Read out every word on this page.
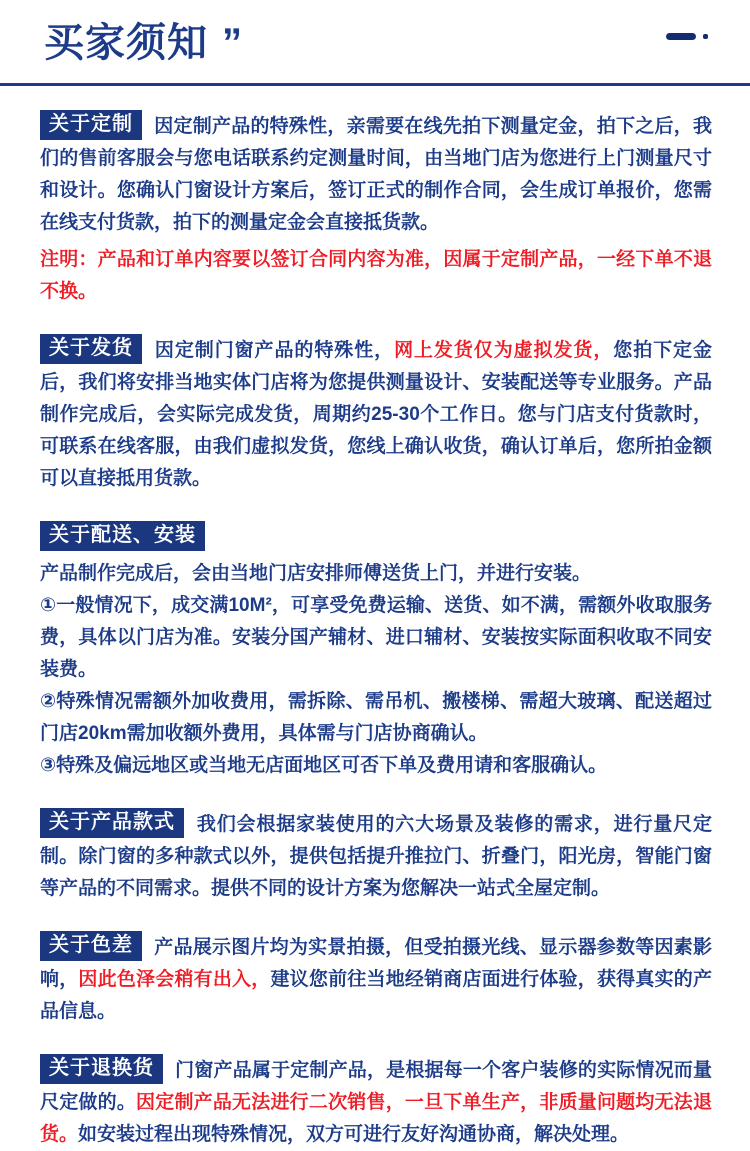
买家须知 ”

关于定制 因定制产品的特殊性，亲需要在线先拍下测量定金，拍下之后，我们的售前客服会与您电话联系约定测量时间，由当地门店为您进行上门测量尺寸和设计。您确认门窗设计方案后，签订正式的制作合同，会生成订单报价，您需在线支付货款，拍下的测量定金会直接抵货款。

注明：产品和订单内容要以签订合同内容为准，因属于定制产品，一经下单不退不换。

关于发货 因定制门窗产品的特殊性，网上发货仅为虚拟发货，您拍下定金后，我们将安排当地实体门店将为您提供测量设计、安装配送等专业服务。产品制作完成后，会实际完成发货，周期约25-30个工作日。您与门店支付货款时，可联系在线客服，由我们虚拟发货，您线上确认收货，确认订单后，您所拍金额可以直接抵用货款。

关于配送、安装

产品制作完成后，会由当地门店安排师傅送货上门，并进行安装。

①一般情况下，成交满10M²，可享受免费运输、送货、如不满，需额外收取服务费，具体以门店为准。安装分国产辅材、进口辅材、安装按实际面积收取不同安装费。

②特殊情况需额外加收费用，需拆除、需吊机、搬楼梯、需超大玻璃、配送超过门店20km需加收额外费用，具体需与门店协商确认。

③特殊及偏远地区或当地无店面地区可否下单及费用请和客服确认。

关于产品款式 我们会根据家装使用的六大场景及装修的需求，进行量尺定制。除门窗的多种款式以外，提供包括提升推拉门、折叠门，阳光房，智能门窗等产品的不同需求。提供不同的设计方案为您解决一站式全屋定制。

关于色差 产品展示图片均为实景拍摄，但受拍摄光线、显示器参数等因素影响，因此色泽会稍有出入，建议您前往当地经销商店面进行体验，获得真实的产品信息。

关于退换货 门窗产品属于定制产品，是根据每一个客户装修的实际情况而量尺定做的。因定制产品无法进行二次销售，一旦下单生产，非质量问题均无法退货。如安装过程出现特殊情况，双方可进行友好沟通协商，解决处理。
